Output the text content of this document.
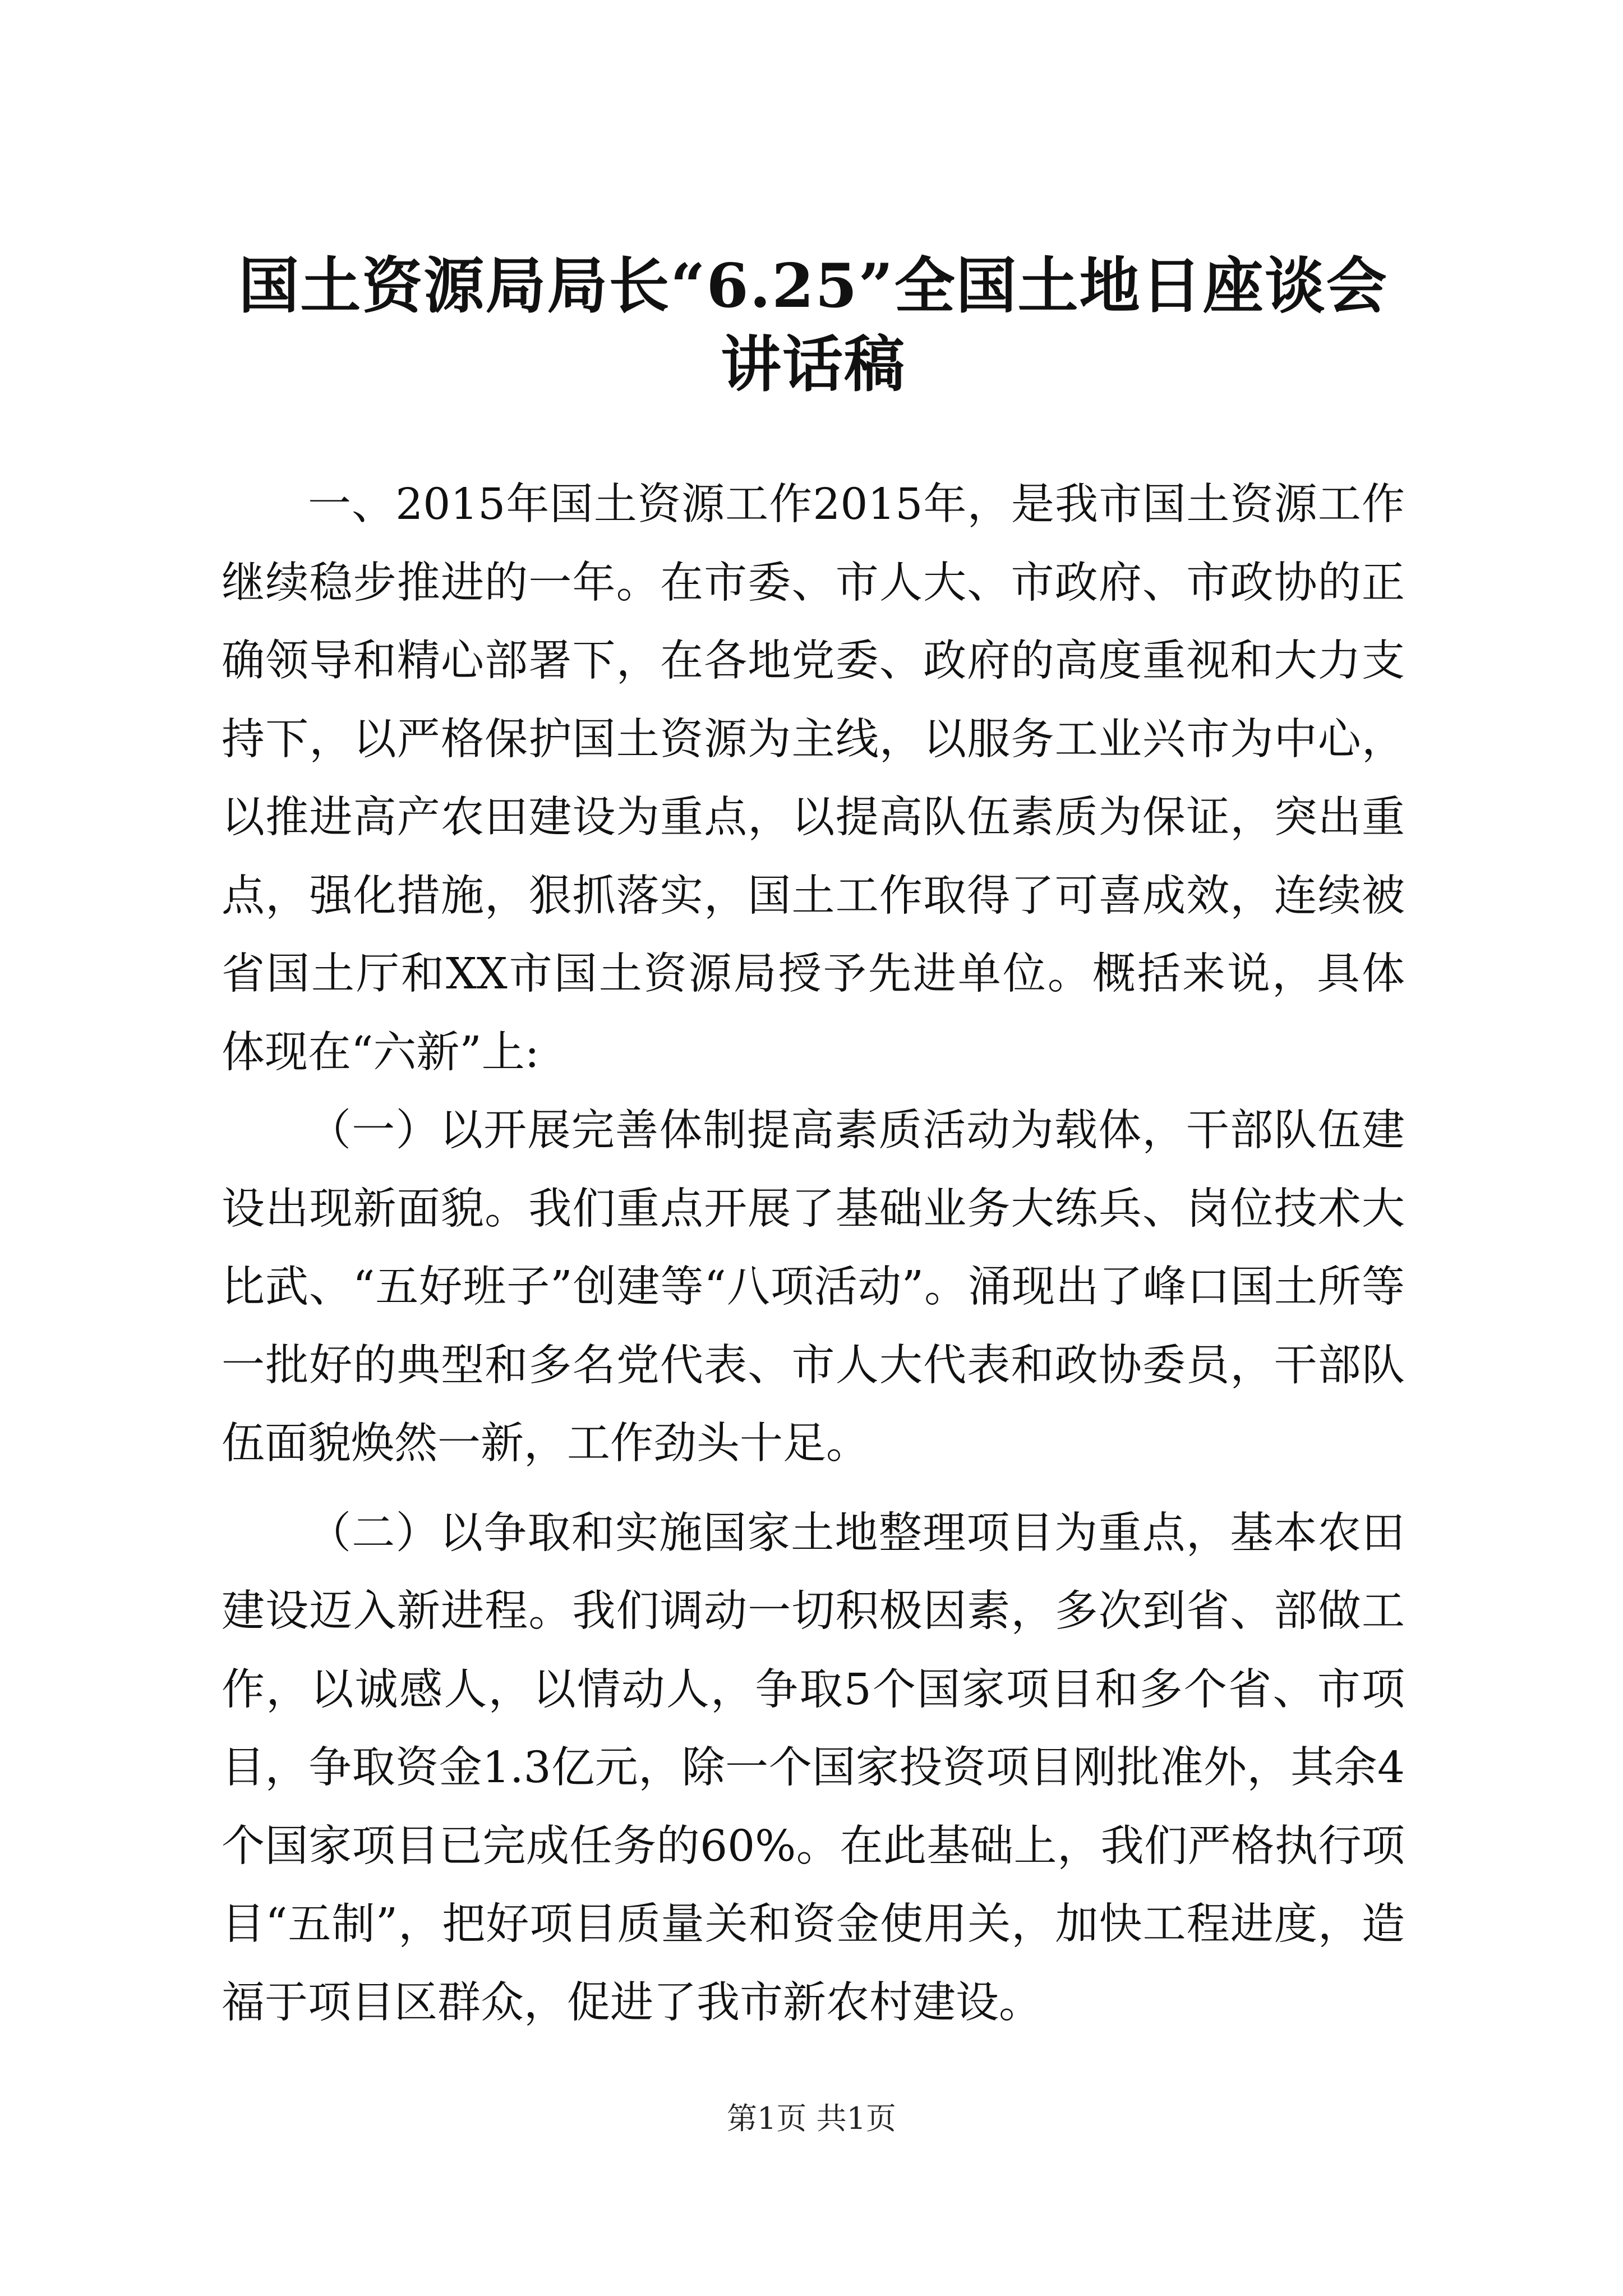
国土资源局局长“6.25”全国土地日座谈会讲话稿

一、2015年国土资源工作2015年，是我市国土资源工作继续稳步推进的一年。在市委、市人大、市政府、市政协的正确领导和精心部署下，在各地党委、政府的高度重视和大力支持下，以严格保护国土资源为主线，以服务工业兴市为中心，以推进高产农田建设为重点，以提高队伍素质为保证，突出重点，强化措施，狠抓落实，国土工作取得了可喜成效，连续被省国土厅和XX市国土资源局授予先进单位。概括来说，具体体现在“六新”上:

（一）以开展完善体制提高素质活动为载体，干部队伍建设出现新面貌。我们重点开展了基础业务大练兵、岗位技术大比武、“五好班子”创建等“八项活动”。涌现出了峰口国土所等一批好的典型和多名党代表、市人大代表和政协委员，干部队伍面貌焕然一新，工作劲头十足。

（二）以争取和实施国家土地整理项目为重点，基本农田建设迈入新进程。我们调动一切积极因素，多次到省、部做工作，以诚感人，以情动人，争取5个国家项目和多个省、市项目，争取资金1.3亿元，除一个国家投资项目刚批准外，其余4个国家项目已完成任务的60%。在此基础上，我们严格执行项目“五制”，把好项目质量关和资金使用关，加快工程进度，造福于项目区群众，促进了我市新农村建设。

第1页 共1页
